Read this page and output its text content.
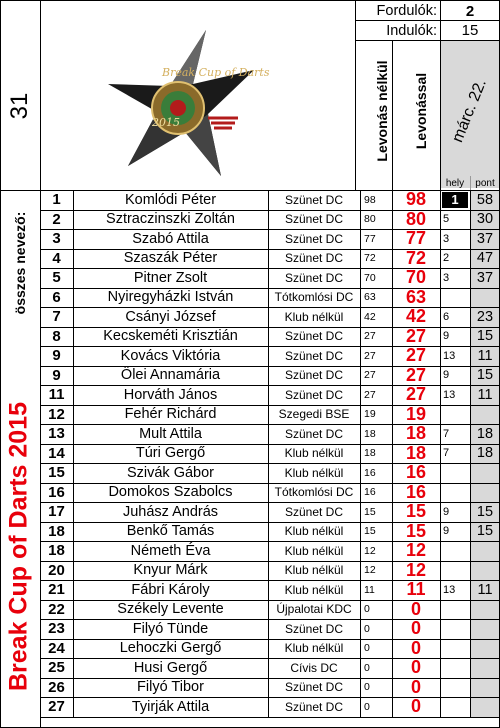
Fordulók:	2
Indulók:	15
31
Break Cup of Darts
2015	Levonás nélkül Levonással	márc. 22.
hely	pont
összes nevező:
Break Cup of Darts 2015
1	Komlódi Péter	Szünet DC	98	98	1	58
2	Sztraczinszki Zoltán	Szünet DC	80	80	5	30
3	Szabó Attila	Szünet DC	77	77	3	37
4	Szaszák Péter	Szünet DC	72	72	2	47
5	Pitner Zsolt	Szünet DC	70	70	3	37
6	Nyiregyházki István	Tótkomlósi DC	63	63
7	Csányi József	Klub nélkül	42	42	6	23
8	Kecskeméti Krisztián	Szünet DC	27	27	9	15
9	Kovács Viktória	Szünet DC	27	27	13	11
9	Ölei Annamária	Szünet DC	27	27	9	15
11	Horváth János	Szünet DC	27	27	13	11
12	Fehér Richárd	Szegedi BSE	19	19
13	Mult Attila	Szünet DC	18	18	7	18
14	Túri Gergő	Klub nélkül	18	18	7	18
15	Szivák Gábor	Klub nélkül	16	16
16	Domokos Szabolcs	Tótkomlósi DC	16	16
17	Juhász András	Szünet DC	15	15	9	15
18	Benkő Tamás	Klub nélkül	15	15	9	15
18	Németh Éva	Klub nélkül	12	12
20	Knyur Márk	Klub nélkül	12	12
21	Fábri Károly	Klub nélkül	11	11	13	11
22	Székely Levente	Újpalotai KDC	0	0
23	Filyó Tünde	Szünet DC	0	0
24	Lehoczki Gergő	Klub nélkül	0	0
25	Husi Gergő	Cívis DC	0	0
26	Filyó Tibor	Szünet DC	0	0
27	Tyirják Attila	Szünet DC	0	0
